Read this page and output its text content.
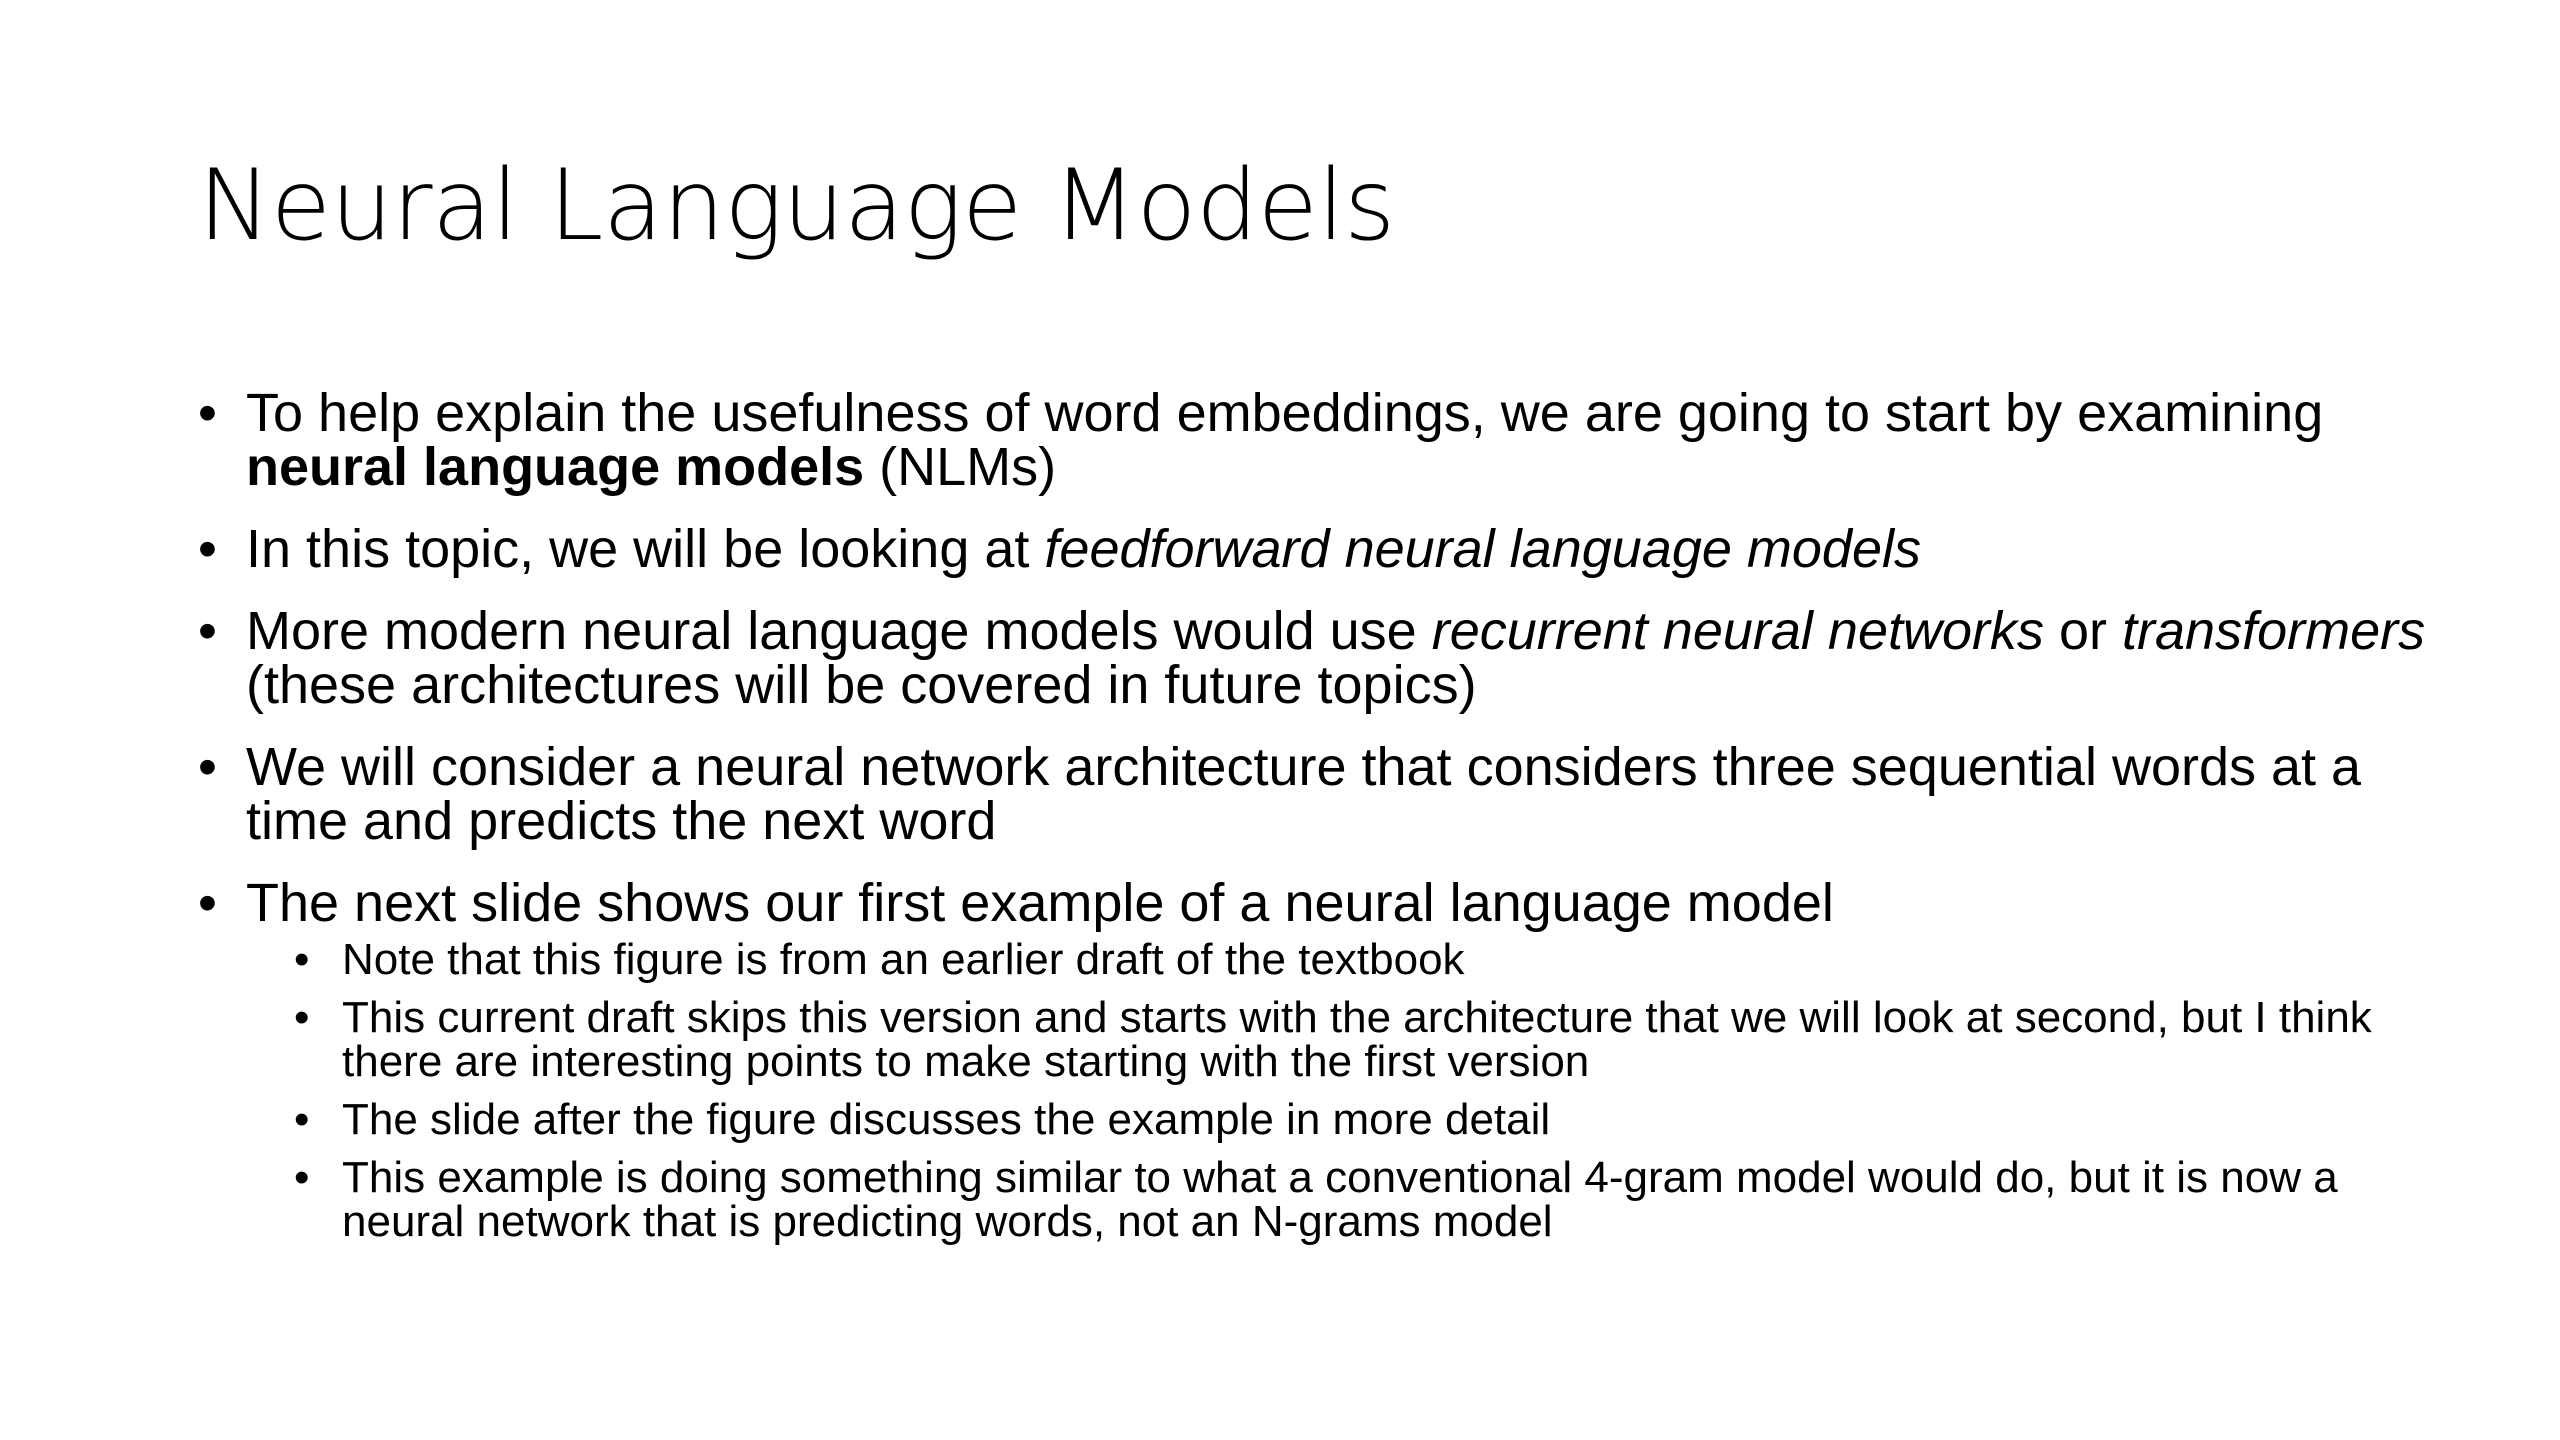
Neural Language Models
• To help explain the usefulness of word embeddings, we are going to start by examining neural language models (NLMs)
• In this topic, we will be looking at feedforward neural language models
• More modern neural language models would use recurrent neural networks or transformers (these architectures will be covered in future topics)
• We will consider a neural network architecture that considers three sequential words at a time and predicts the next word
• The next slide shows our first example of a neural language model
• Note that this figure is from an earlier draft of the textbook
• This current draft skips this version and starts with the architecture that we will look at second, but I think there are interesting points to make starting with the first version
• The slide after the figure discusses the example in more detail
• This example is doing something similar to what a conventional 4-gram model would do, but it is now a neural network that is predicting words, not an N-grams model
